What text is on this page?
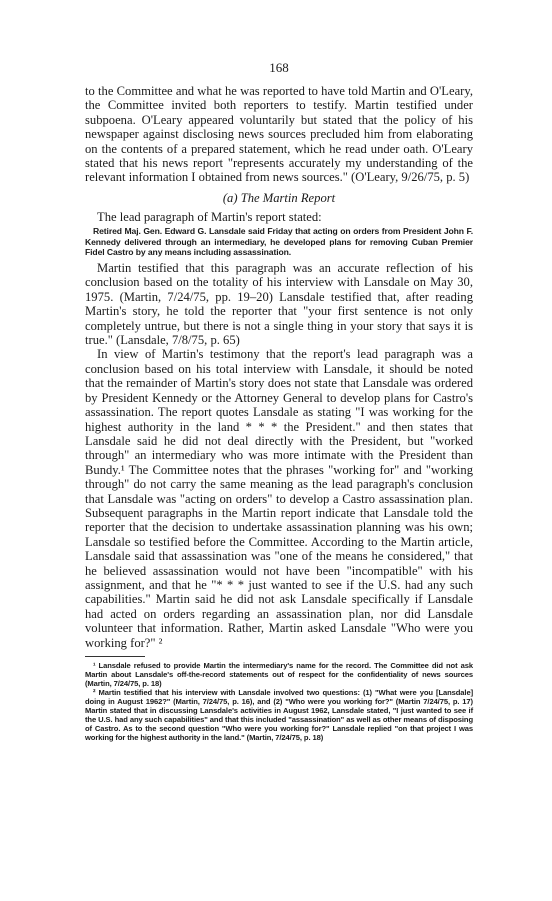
168

to the Committee and what he was reported to have told Martin and O'Leary, the Committee invited both reporters to testify. Martin testified under subpoena. O'Leary appeared voluntarily but stated that the policy of his newspaper against disclosing news sources precluded him from elaborating on the contents of a prepared statement, which he read under oath. O'Leary stated that his news report "represents accurately my understanding of the relevant information I obtained from news sources." (O'Leary, 9/26/75, p. 5)

(a) The Martin Report

The lead paragraph of Martin's report stated:

Retired Maj. Gen. Edward G. Lansdale said Friday that acting on orders from President John F. Kennedy delivered through an intermediary, he developed plans for removing Cuban Premier Fidel Castro by any means including assassination.

Martin testified that this paragraph was an accurate reflection of his conclusion based on the totality of his interview with Lansdale on May 30, 1975. (Martin, 7/24/75, pp. 19–20) Lansdale testified that, after reading Martin's story, he told the reporter that "your first sentence is not only completely untrue, but there is not a single thing in your story that says it is true." (Lansdale, 7/8/75, p. 65)

In view of Martin's testimony that the report's lead paragraph was a conclusion based on his total interview with Lansdale, it should be noted that the remainder of Martin's story does not state that Lansdale was ordered by President Kennedy or the Attorney General to develop plans for Castro's assassination. The report quotes Lansdale as stating "I was working for the highest authority in the land * * * the President." and then states that Lansdale said he did not deal directly with the President, but "worked through" an intermediary who was more intimate with the President than Bundy.¹ The Committee notes that the phrases "working for" and "working through" do not carry the same meaning as the lead paragraph's conclusion that Lansdale was "acting on orders" to develop a Castro assassination plan. Subsequent paragraphs in the Martin report indicate that Lansdale told the reporter that the decision to undertake assassination planning was his own; Lansdale so testified before the Committee. According to the Martin article, Lansdale said that assassination was "one of the means he considered," that he believed assassination would not have been "incompatible" with his assignment, and that he "* * * just wanted to see if the U.S. had any such capabilities." Martin said he did not ask Lansdale specifically if Lansdale had acted on orders regarding an assassination plan, nor did Lansdale volunteer that information. Rather, Martin asked Lansdale "Who were you working for?" ²

¹ Lansdale refused to provide Martin the intermediary's name for the record. The Committee did not ask Martin about Lansdale's off-the-record statements out of respect for the confidentiality of news sources (Martin, 7/24/75, p. 18)
² Martin testified that his interview with Lansdale involved two questions: (1) "What were you [Lansdale] doing in August 1962?" (Martin, 7/24/75, p. 16), and (2) "Who were you working for?" (Martin 7/24/75, p. 17) Martin stated that in discussing Lansdale's activities in August 1962, Lansdale stated, "I just wanted to see if the U.S. had any such capabilities" and that this included "assassination" as well as other means of disposing of Castro. As to the second question "Who were you working for?" Lansdale replied "on that project I was working for the highest authority in the land." (Martin, 7/24/75, p. 18)
